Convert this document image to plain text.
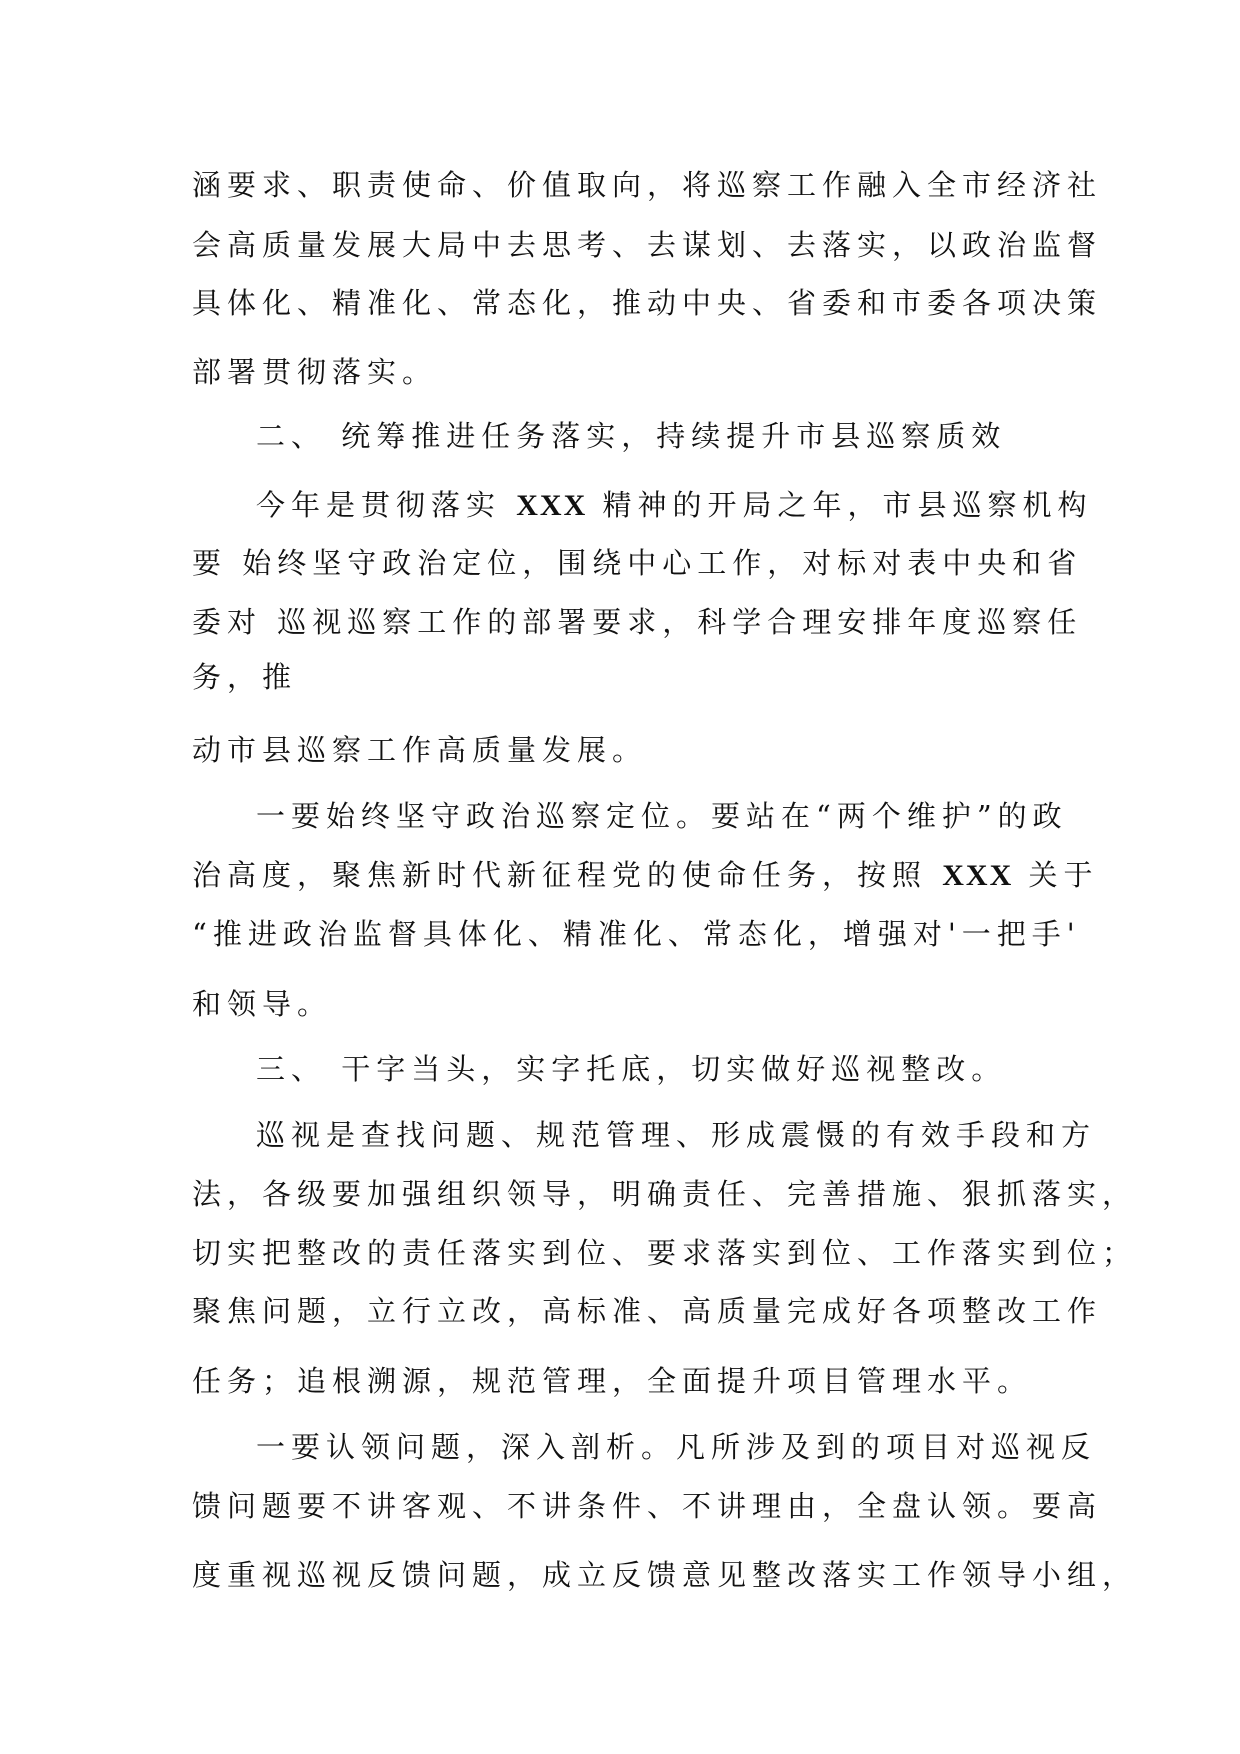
涵要求、职责使命、价值取向，将巡察工作融入全市经济社
会高质量发展大局中去思考、去谋划、去落实，以政治监督
具体化、精准化、常态化，推动中央、省委和市委各项决策
部署贯彻落实。
二、 统筹推进任务落实，持续提升市县巡察质效
今年是贯彻落实 XXX 精神的开局之年，市县巡察机构
要 始终坚守政治定位，围绕中心工作，对标对表中央和省
委对 巡视巡察工作的部署要求，科学合理安排年度巡察任
务，推
动市县巡察工作高质量发展。
一要始终坚守政治巡察定位。要站在“两个维护”的政
治高度，聚焦新时代新征程党的使命任务，按照 XXX 关于
“推进政治监督具体化、精准化、常态化，增强对'一把手'
和领导。
三、 干字当头，实字托底，切实做好巡视整改。
巡视是查找问题、规范管理、形成震慑的有效手段和方
法，各级要加强组织领导，明确责任、完善措施、狠抓落实，
切实把整改的责任落实到位、要求落实到位、工作落实到位；
聚焦问题，立行立改，高标准、高质量完成好各项整改工作
任务；追根溯源，规范管理，全面提升项目管理水平。
一要认领问题，深入剖析。凡所涉及到的项目对巡视反
馈问题要不讲客观、不讲条件、不讲理由，全盘认领。要高
度重视巡视反馈问题，成立反馈意见整改落实工作领导小组，
